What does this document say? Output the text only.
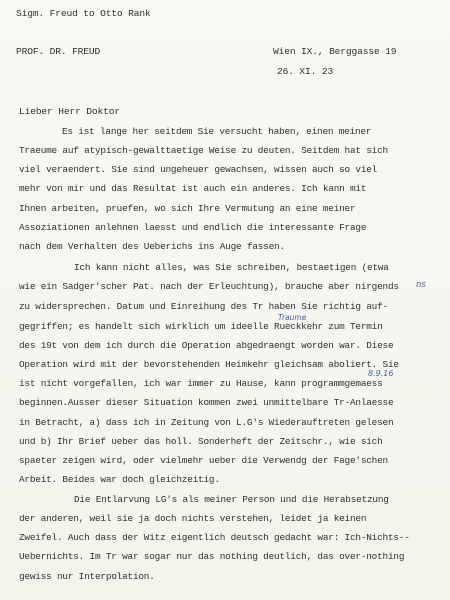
Sigm. Freud to Otto Rank
PROF. DR. FREUD	Wien IX., Berggasse 19
26. XI. 23
Lieber Herr Doktor
Es ist lange her seitdem Sie versucht haben, einen meiner
Traeume auf atypisch-gewalttaetige Weise zu deuten. Seitdem hat sich
viel veraendert. Sie sind ungeheuer gewachsen, wissen auch so viel
mehr von mir und das Resultat ist auch ein anderes. Ich kann mit
Ihnen arbeiten, pruefen, wo sich Ihre Vermutung an eine meiner
Assoziationen anlehnen laesst und endlich die interessante Frage
nach dem Verhalten des Ueberichs ins Auge fassen.
Ich kann nicht alles, was Sie schreiben, bestaetigen (etwa
wie ein Sadger'scher Pat. nach der Erleuchtung), brauche aber nirgends
zu widersprechen. Datum und Einreihung des Tr haben Sie richtig auf-
Traume
gegriffen; es handelt sich wirklich um ideelle Rueckkehr zum Termin
des 19t von dem ich durch die Operation abgedraengt worden war. Diese
Operation wird mit der bevorstehenden Heimkehr gleichsam aboliert. Sie
8.9.16
ist nicht vorgefallen, ich war immer zu Hause, kann programmgemaess
beginnen.Ausser dieser Situation kommen zwei unmittelbare Tr-Anlaesse
in Betracht, a) dass ich in Zeitung von L.G's Wiederauftreten gelesen
und b) Ihr Brief ueber das holl. Sonderheft der Zeitschr., wie sich
spaeter zeigen wird, oder vielmehr ueber die Verwendg der Fage'schen
Arbeit. Beides war doch gleichzeitig.
Die Entlarvung LG's als meiner Person und die Herabsetzung
der anderen, weil sie ja doch nichts verstehen, leidet ja keinen
Zweifel. Auch dass der Witz eigentlich deutsch gedacht war: Ich-Nichts--
Uebernichts. Im Tr war sogar nur das nothing deutlich, das over-nothing
gewiss nur Interpolation.
ns
